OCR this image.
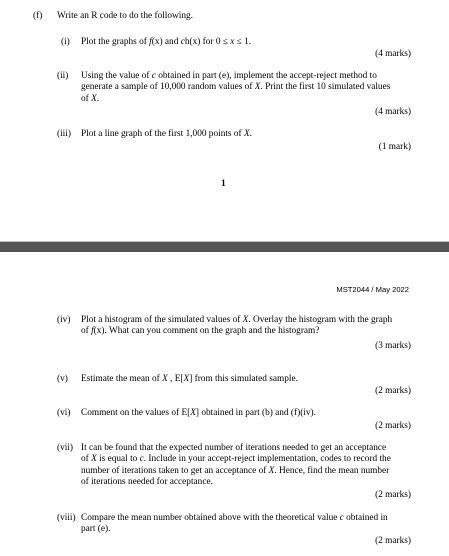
(f) Write an R code to do the following.
(i) Plot the graphs of f(x) and ch(x) for 0 ≤ x ≤ 1.
(4 marks)
(ii) Using the value of c obtained in part (e), implement the accept-reject method to
generate a sample of 10,000 random values of X. Print the first 10 simulated values
of X.
(4 marks)
(iii) Plot a line graph of the first 1,000 points of X.
(1 mark)
1
MST2044 / May 2022
(iv) Plot a histogram of the simulated values of X. Overlay the histogram with the graph
of f(x). What can you comment on the graph and the histogram?
(3 marks)
(v) Estimate the mean of X , E[X] from this simulated sample.
(2 marks)
(vi) Comment on the values of E[X] obtained in part (b) and (f)(iv).
(2 marks)
(vii) It can be found that the expected number of iterations needed to get an acceptance
of X is equal to c. Include in your accept-reject implementation, codes to record the
number of iterations taken to get an acceptance of X. Hence, find the mean number
of iterations needed for acceptance.
(2 marks)
(viii) Compare the mean number obtained above with the theoretical value c obtained in
part (e).
(2 marks)
